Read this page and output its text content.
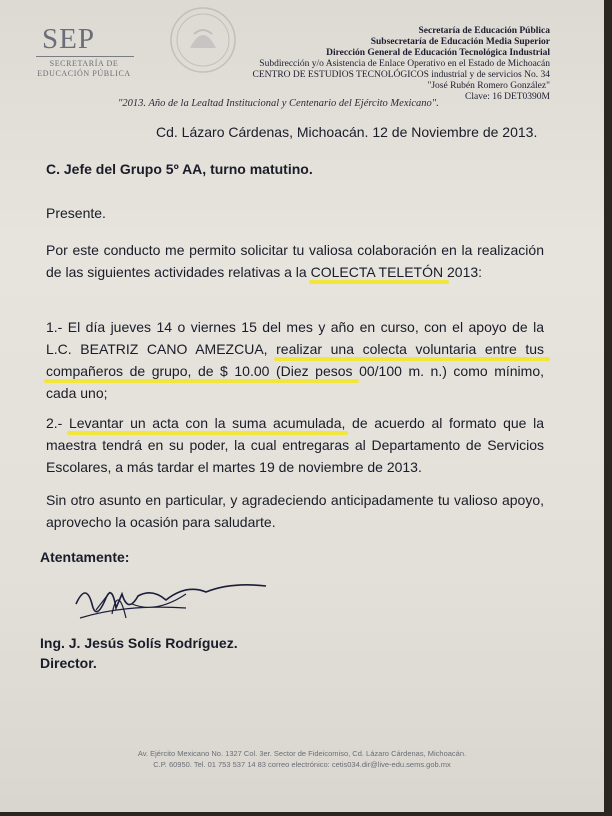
SEP
SECRETARÍA DE
EDUCACIÓN PÚBLICA
Secretaría de Educación Pública
Subsecretaría de Educación Media Superior
Dirección General de Educación Tecnológica Industrial
Subdirección y/o Asistencia de Enlace Operativo en el Estado de Michoacán
CENTRO DE ESTUDIOS TECNOLÓGICOS industrial y de servicios No. 34
"José Rubén Romero González"
Clave: 16 DET0390M
"2013. Año de la Lealtad Institucional y Centenario del Ejército Mexicano".
Cd. Lázaro Cárdenas, Michoacán. 12 de Noviembre de 2013.
C. Jefe del Grupo 5º AA, turno matutino.
Presente.
Por este conducto me permito solicitar tu valiosa colaboración en la realización de las siguientes actividades relativas a la COLECTA TELETÓN 2013:
1.- El día jueves 14 o viernes 15 del mes y año en curso, con el apoyo de la L.C. BEATRIZ CANO AMEZCUA, realizar una colecta voluntaria entre tus compañeros de grupo, de $ 10.00 (Diez pesos 00/100 m. n.) como mínimo, cada uno;
2.- Levantar un acta con la suma acumulada, de acuerdo al formato que la maestra tendrá en su poder, la cual entregaras al Departamento de Servicios Escolares, a más tardar el martes 19 de noviembre de 2013.
Sin otro asunto en particular, y agradeciendo anticipadamente tu valioso apoyo, aprovecho la ocasión para saludarte.
Atentamente:
Ing. J. Jesús Solís Rodríguez.
Director.
Av. Ejército Mexicano No. 1327 Col. 3er. Sector de Fideicomiso, Cd. Lázaro Cárdenas, Michoacán.
C.P. 60950. Tel. 01 753 537 14 83 correo electrónico: cetis034.dir@live-edu.sems.gob.mx
